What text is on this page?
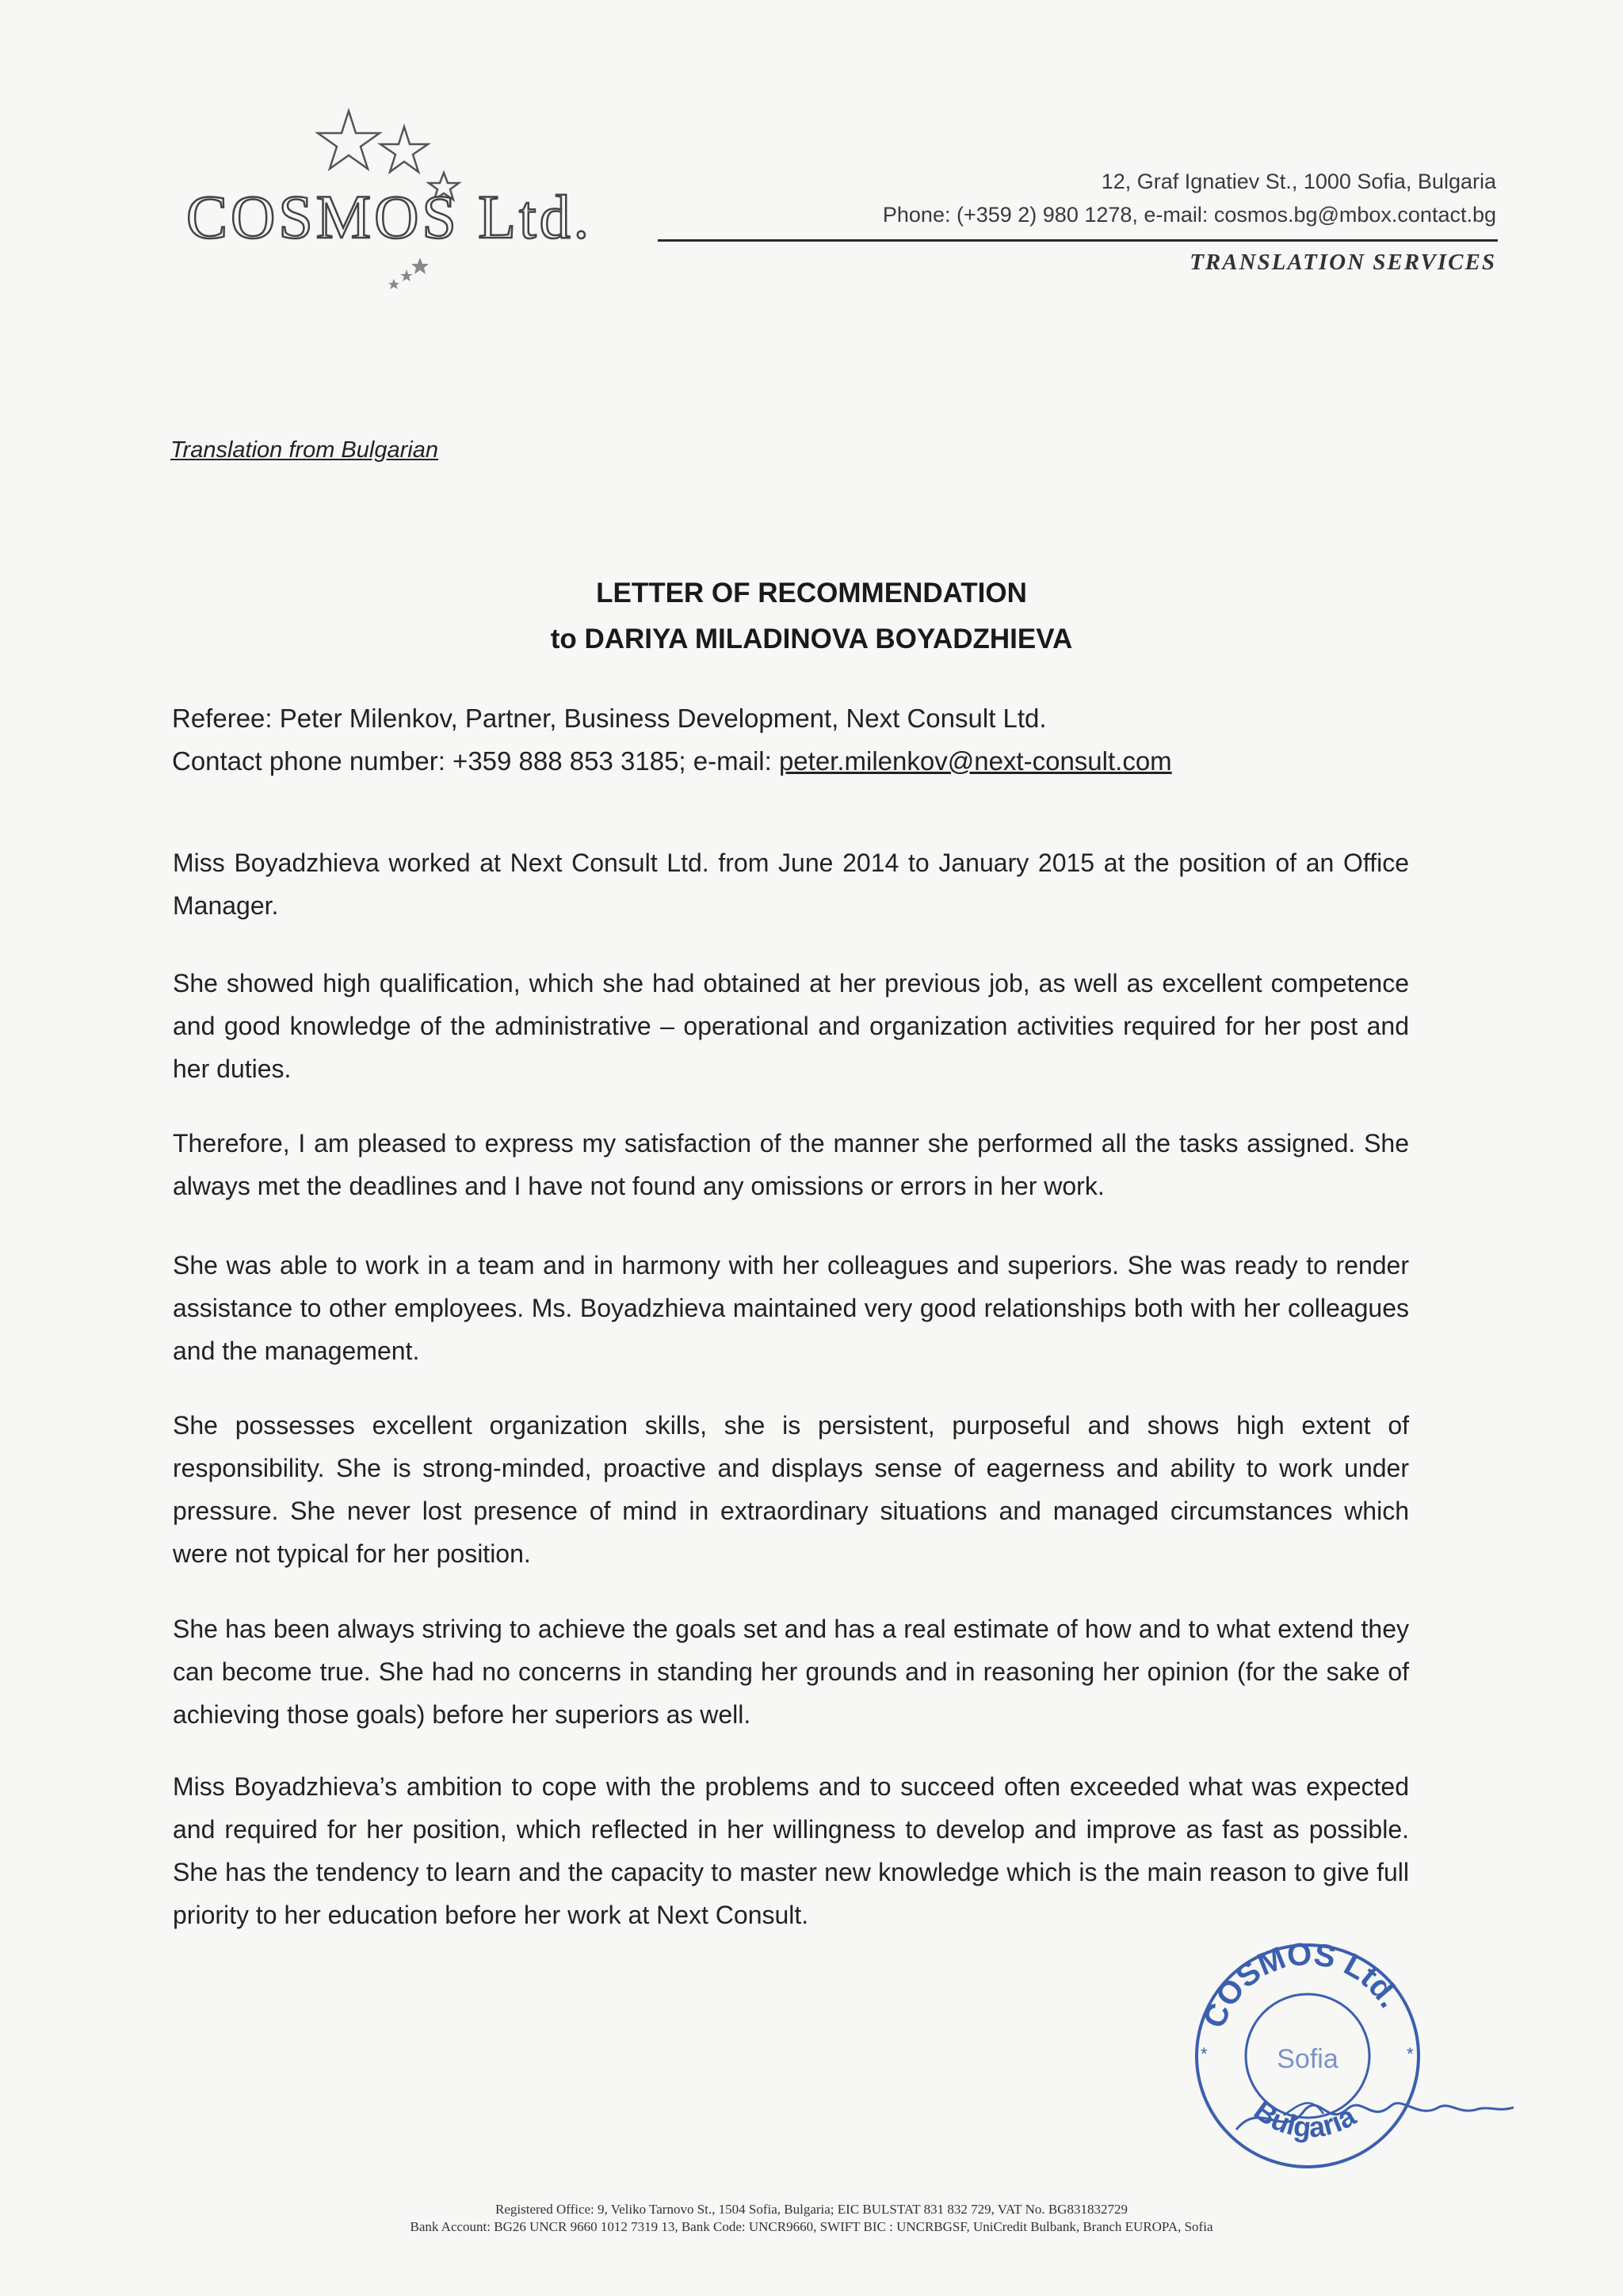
COSMOS Ltd.
12, Graf Ignatiev St., 1000 Sofia, Bulgaria
Phone: (+359 2) 980 1278, e-mail: cosmos.bg@mbox.contact.bg
TRANSLATION SERVICES
Translation from Bulgarian
LETTER OF RECOMMENDATION
to DARIYA MILADINOVA BOYADZHIEVA
Referee: Peter Milenkov, Partner, Business Development, Next Consult Ltd.
Contact phone number: +359 888 853 3185; e-mail: peter.milenkov@next-consult.com

Miss Boyadzhieva worked at Next Consult Ltd. from June 2014 to January 2015 at the position of an Office Manager.

She showed high qualification, which she had obtained at her previous job, as well as excellent competence and good knowledge of the administrative – operational and organization activities required for her post and her duties.

Therefore, I am pleased to express my satisfaction of the manner she performed all the tasks assigned. She always met the deadlines and I have not found any omissions or errors in her work.

She was able to work in a team and in harmony with her colleagues and superiors. She was ready to render assistance to other employees. Ms. Boyadzhieva maintained very good relationships both with her colleagues and the management.

She possesses excellent organization skills, she is persistent, purposeful and shows high extent of responsibility. She is strong-minded, proactive and displays sense of eagerness and ability to work under pressure. She never lost presence of mind in extraordinary situations and managed circumstances which were not typical for her position.

She has been always striving to achieve the goals set and has a real estimate of how and to what extend they can become true. She had no concerns in standing her grounds and in reasoning her opinion (for the sake of achieving those goals) before her superiors as well.

Miss Boyadzhieva’s ambition to cope with the problems and to succeed often exceeded what was expected and required for her position, which reflected in her willingness to develop and improve as fast as possible. She has the tendency to learn and the capacity to master new knowledge which is the main reason to give full priority to her education before her work at Next Consult.

COSMOS Ltd.
Sofia
Bulgaria
*	*
Registered Office: 9, Veliko Tarnovo St., 1504 Sofia, Bulgaria; EIC BULSTAT 831 832 729, VAT No. BG831832729
Bank Account: BG26 UNCR 9660 1012 7319 13, Bank Code: UNCR9660, SWIFT BIC : UNCRBGSF, UniCredit Bulbank, Branch EUROPA, Sofia
